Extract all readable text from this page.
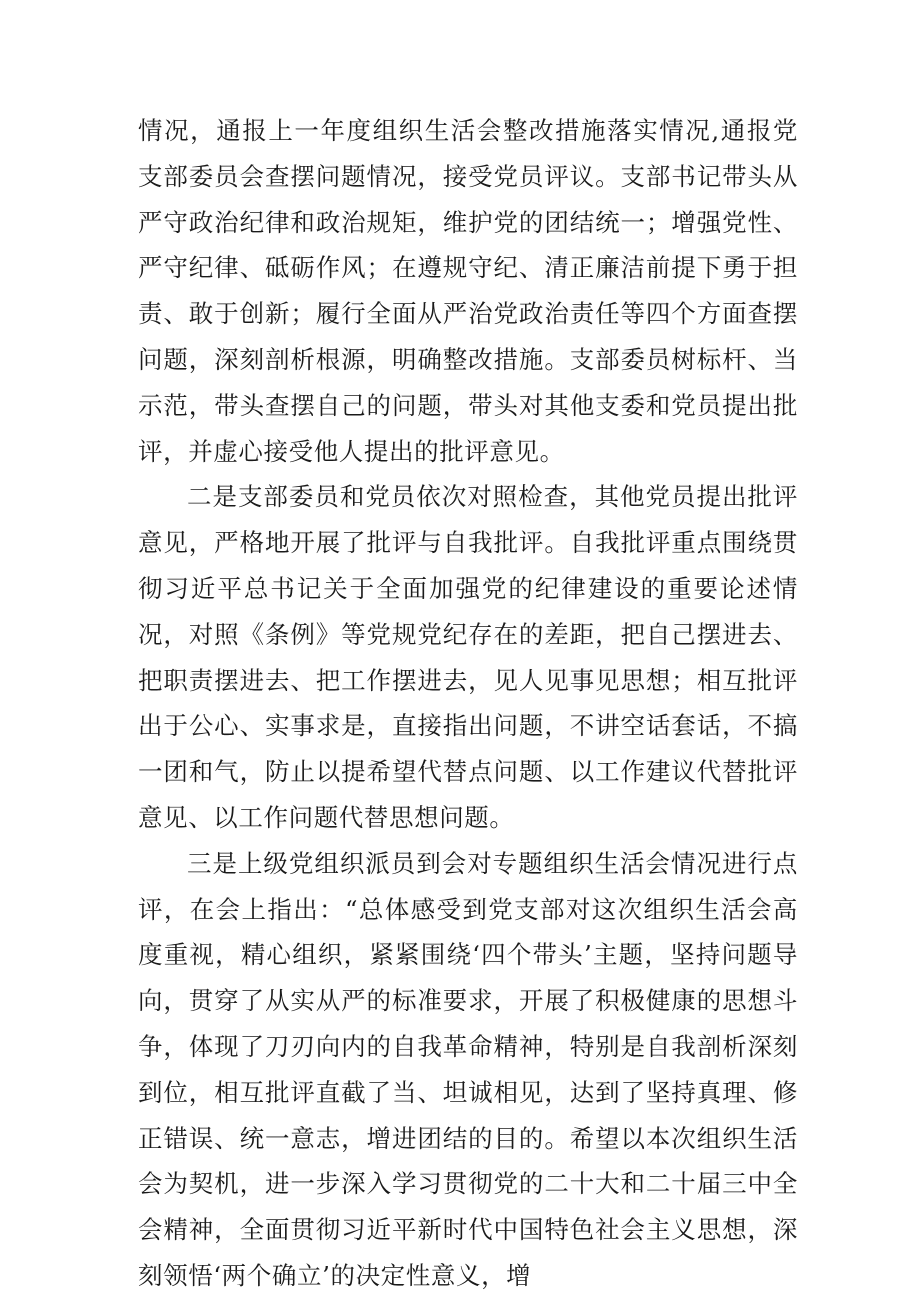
情况，通报上一年度组织生活会整改措施落实情况,通报党支部委员会查摆问题情况，接受党员评议。支部书记带头从严守政治纪律和政治规矩，维护党的团结统一；增强党性、严守纪律、砥砺作风；在遵规守纪、清正廉洁前提下勇于担责、敢于创新；履行全面从严治党政治责任等四个方面查摆问题，深刻剖析根源，明确整改措施。支部委员树标杆、当示范，带头查摆自己的问题，带头对其他支委和党员提出批评，并虚心接受他人提出的批评意见。

二是支部委员和党员依次对照检查，其他党员提出批评意见，严格地开展了批评与自我批评。自我批评重点围绕贯彻习近平总书记关于全面加强党的纪律建设的重要论述情况，对照《条例》等党规党纪存在的差距，把自己摆进去、把职责摆进去、把工作摆进去，见人见事见思想；相互批评出于公心、实事求是，直接指出问题，不讲空话套话，不搞一团和气，防止以提希望代替点问题、以工作建议代替批评意见、以工作问题代替思想问题。

三是上级党组织派员到会对专题组织生活会情况进行点评，在会上指出：“总体感受到党支部对这次组织生活会高度重视，精心组织，紧紧围绕‘四个带头’主题，坚持问题导向，贯穿了从实从严的标准要求，开展了积极健康的思想斗争，体现了刀刃向内的自我革命精神，特别是自我剖析深刻到位，相互批评直截了当、坦诚相见，达到了坚持真理、修正错误、统一意志，增进团结的目的。希望以本次组织生活会为契机，进一步深入学习贯彻党的二十大和二十届三中全会精神，全面贯彻习近平新时代中国特色社会主义思想，深刻领悟‘两个确立’的决定性意义，增
